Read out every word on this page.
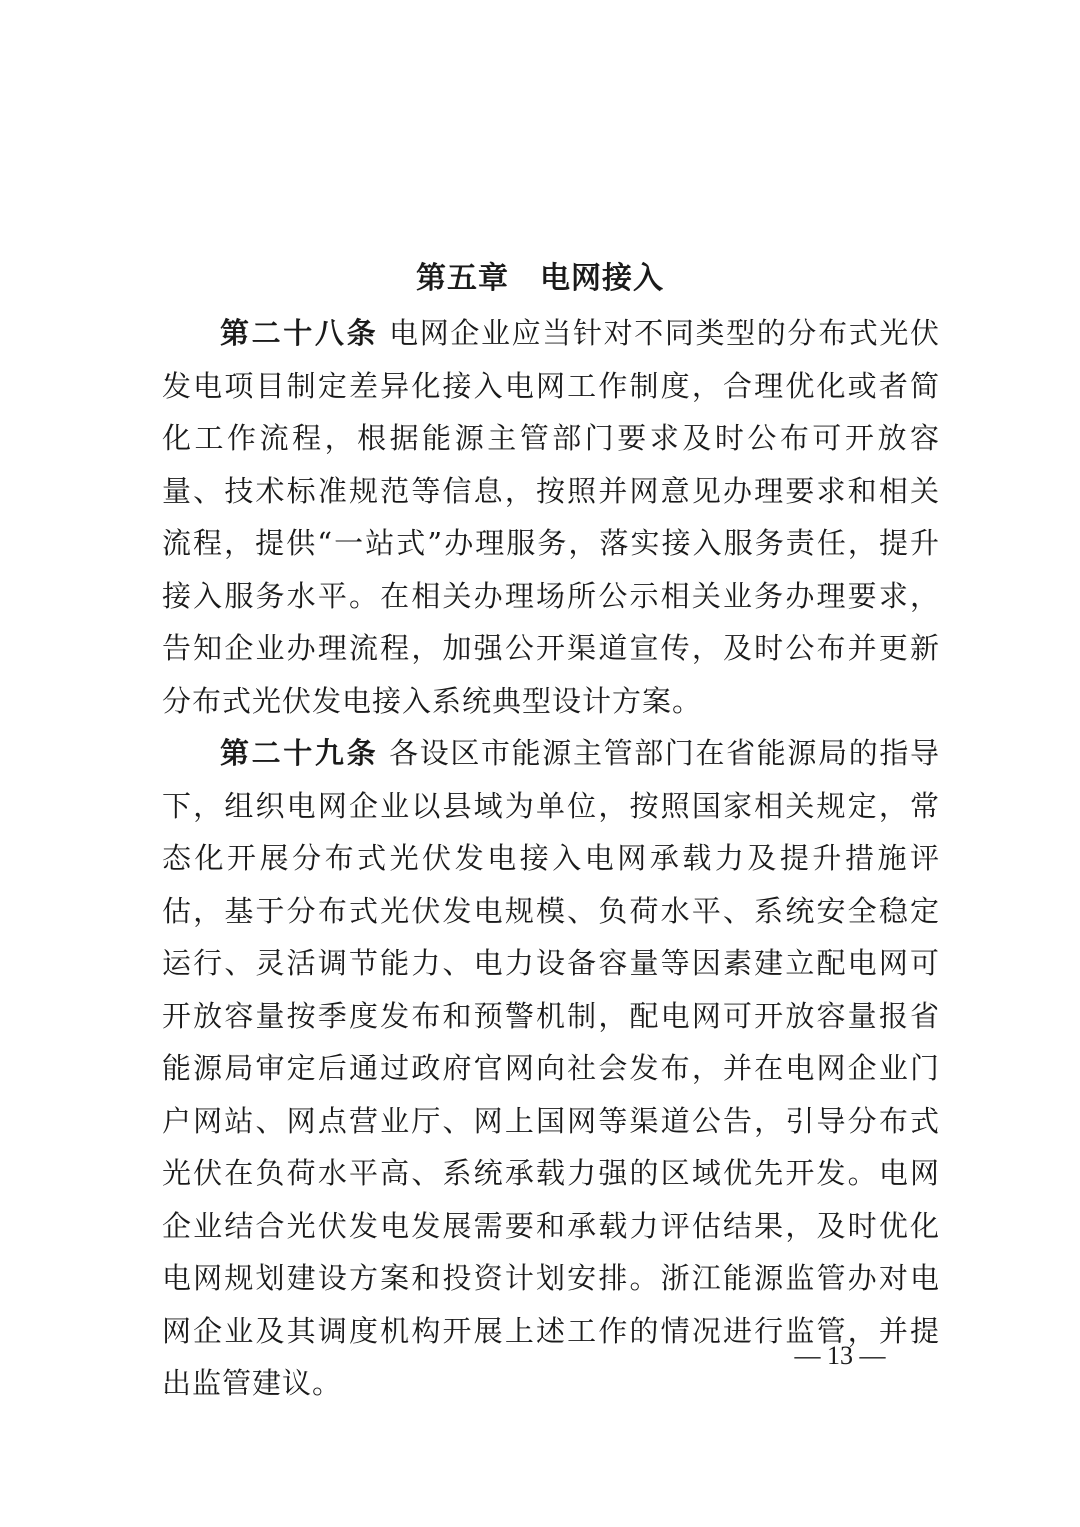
第五章　电网接入

第二十八条 电网企业应当针对不同类型的分布式光伏发电项目制定差异化接入电网工作制度，合理优化或者简化工作流程，根据能源主管部门要求及时公布可开放容量、技术标准规范等信息，按照并网意见办理要求和相关流程，提供“一站式”办理服务，落实接入服务责任，提升接入服务水平。在相关办理场所公示相关业务办理要求，告知企业办理流程，加强公开渠道宣传，及时公布并更新分布式光伏发电接入系统典型设计方案。

第二十九条 各设区市能源主管部门在省能源局的指导下，组织电网企业以县域为单位，按照国家相关规定，常态化开展分布式光伏发电接入电网承载力及提升措施评估，基于分布式光伏发电规模、负荷水平、系统安全稳定运行、灵活调节能力、电力设备容量等因素建立配电网可开放容量按季度发布和预警机制，配电网可开放容量报省能源局审定后通过政府官网向社会发布，并在电网企业门户网站、网点营业厅、网上国网等渠道公告，引导分布式光伏在负荷水平高、系统承载力强的区域优先开发。电网企业结合光伏发电发展需要和承载力评估结果，及时优化电网规划建设方案和投资计划安排。浙江能源监管办对电网企业及其调度机构开展上述工作的情况进行监管，并提出监管建议。

— 13 —
